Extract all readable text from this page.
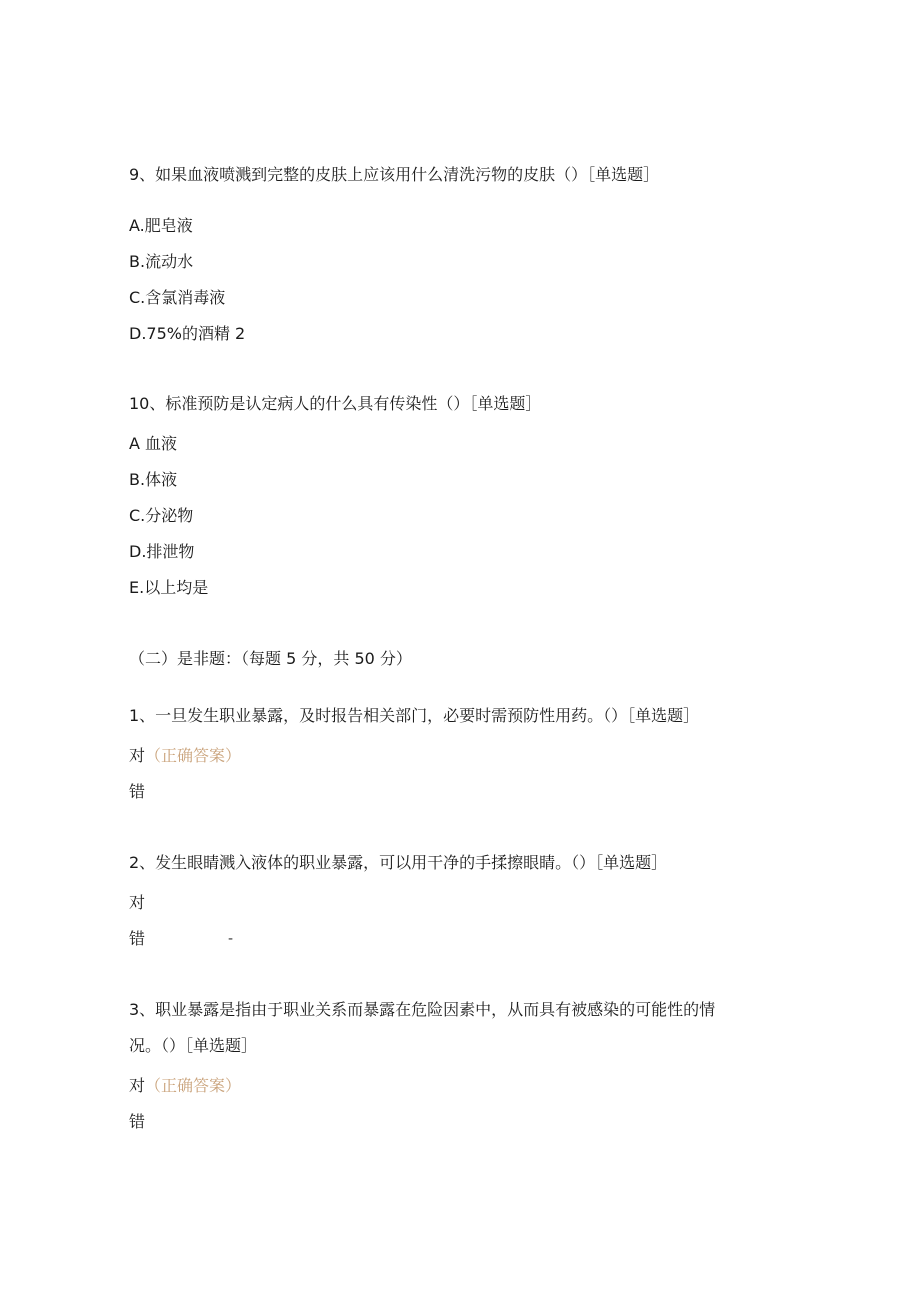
9、如果血液喷溅到完整的皮肤上应该用什么清洗污物的皮肤（）［单选题］
A.肥皂液
B.流动水
C.含氯消毒液
D.75%的酒精 2
10、标准预防是认定病人的什么具有传染性（）［单选题］
A 血液
B.体液
C.分泌物
D.排泄物
E.以上均是
（二）是非题：（每题 5 分，共 50 分）
1、一旦发生职业暴露，及时报告相关部门，必要时需预防性用药。（）［单选题］
对（正确答案）
错
2、发生眼睛溅入液体的职业暴露，可以用干净的手揉擦眼睛。（）［单选题］
对
错	-
3、职业暴露是指由于职业关系而暴露在危险因素中，从而具有被感染的可能性的情
况。（）［单选题］
对（正确答案）
错
